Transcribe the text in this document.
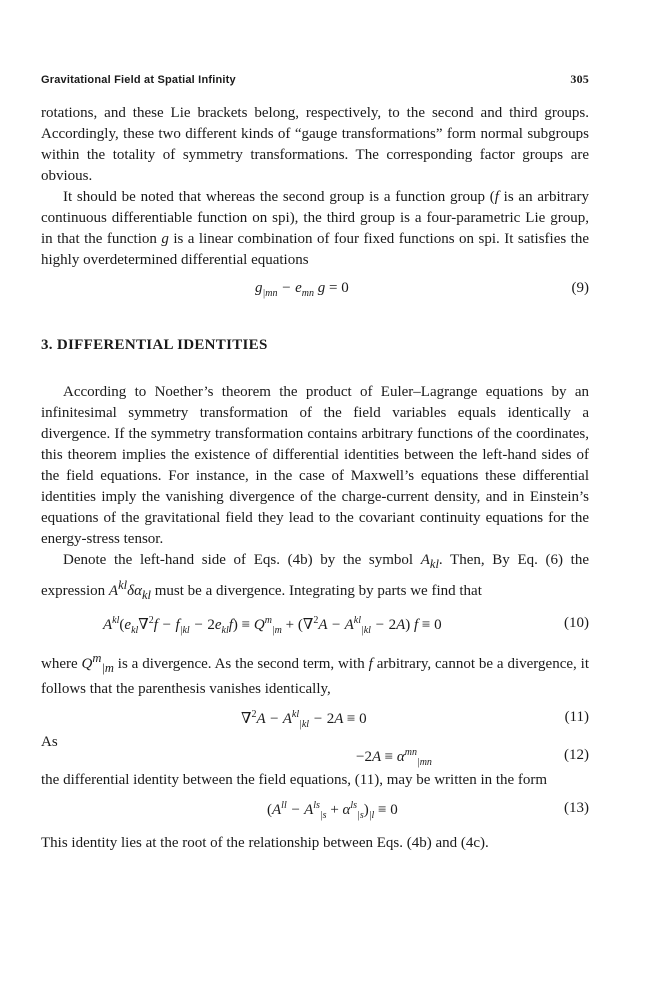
Gravitational Field at Spatial Infinity	305

rotations, and these Lie brackets belong, respectively, to the second and third groups. Accordingly, these two different kinds of “gauge transformations” form normal subgroups within the totality of symmetry transformations. The corresponding factor groups are obvious.

It should be noted that whereas the second group is a function group (f is an arbitrary continuous differentiable function on spi), the third group is a four-parametric Lie group, in that the function g is a linear combination of four fixed functions on spi. It satisfies the highly overdetermined differential equations

$g_{|mn} - e_{mn}$ g = 0	(9)
3. DIFFERENTIAL IDENTITIES

According to Noether’s theorem the product of Euler–Lagrange equations by an infinitesimal symmetry transformation of the field variables equals identically a divergence. If the symmetry transformation contains arbitrary functions of the coordinates, this theorem implies the existence of differential identities between the left-hand sides of the field equations. For instance, in the case of Maxwell’s equations these differential identities imply the vanishing divergence of the charge-current density, and in Einstein’s equations of the gravitational field they lead to the covariant continuity equations for the energy-stress tensor.

Denote the left-hand side of Eqs. (4b) by the symbol $A_{kl}$. Then, By Eq. (6) the expression $A^{kl}\delta\alpha_{kl}$ must be a divergence. Integrating by parts we find that

$A^{kl}(e_{kl}\nabla^2f - f_{|kl} - 2e_{kl}f) \equiv Q^m_{|m} + (\nabla^2A - A^{kl}_{|kl} - 2A) f \equiv 0$	(10)

where $Q^m_{|m}$ is a divergence. As the second term, with f arbitrary, cannot be a divergence, it follows that the parenthesis vanishes identically,

$\nabla^2A - A^{kl}_{|kl} - 2A \equiv 0$	(11)
As
$-2A \equiv \alpha^{mn}_{|mn}$	(12)

the differential identity between the field equations, (11), may be written in the form

$(A^{ll} - A^{ls}_{|s} + \alpha^{ls}_{|s})_{|l} \equiv 0$	(13)

This identity lies at the root of the relationship between Eqs. (4b) and (4c).
